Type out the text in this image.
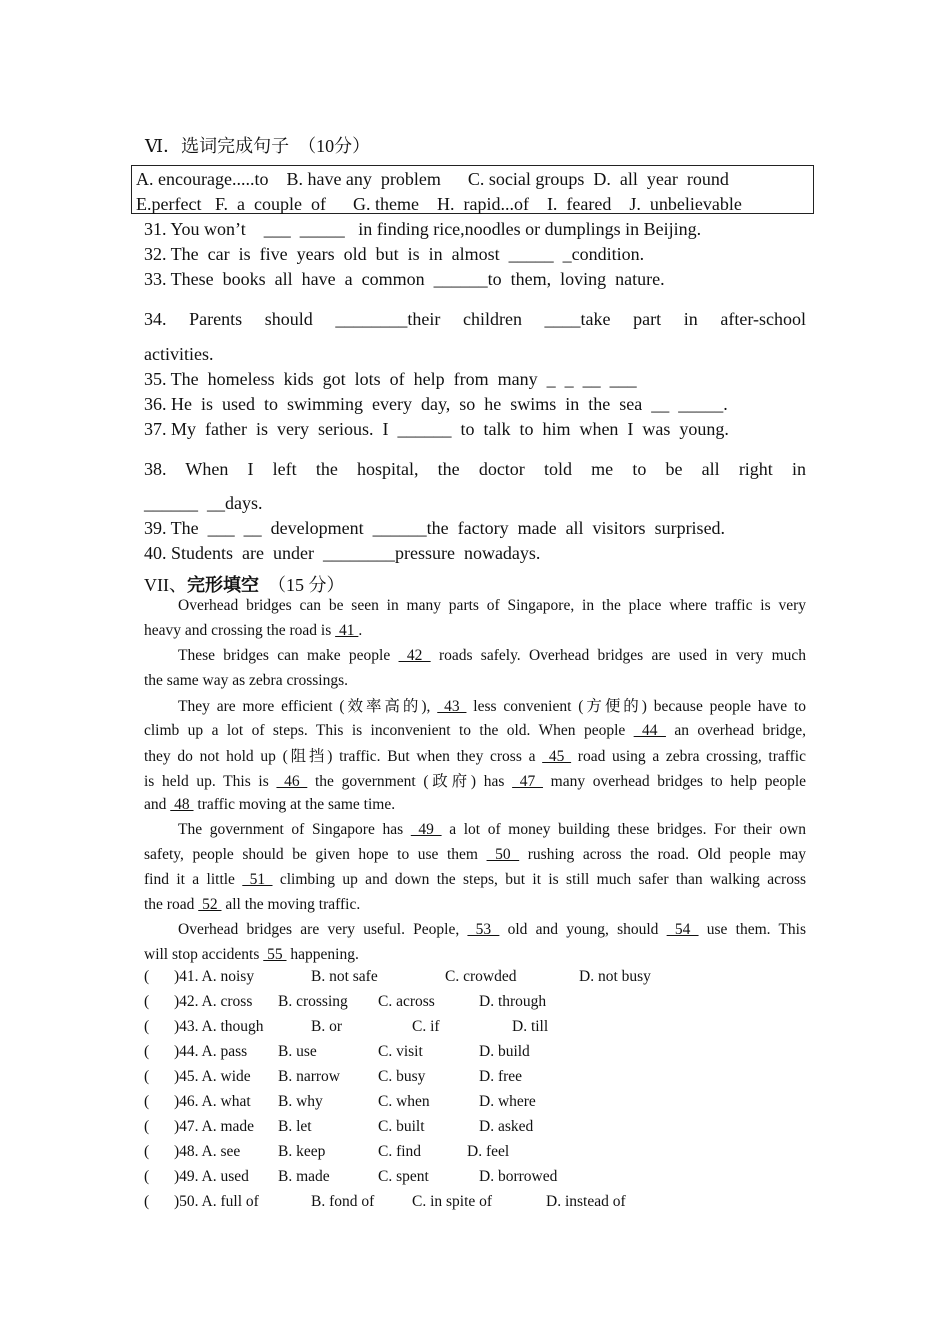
Ⅵ．选词完成句子　（10分）
A. encourage.....to    B. have any  problem      C. social groups  D.  all  year  round
E.perfect   F.  a  couple  of      G. theme    H.  rapid...of    I.  feared    J.  unbelievable
31. You won’t    ___  _____   in finding rice,noodles or dumplings in Beijing.
32. The  car  is  five  years  old  but  is  in  almost  _____  _condition.
33. These  books  all  have  a  common  ______to  them,  loving  nature.
34. Parents should ________their children ____take part in after-school
activities.
35. The  homeless  kids  got  lots  of  help  from  many  _  _  __  ___
36. He  is  used  to  swimming  every  day,  so  he  swims  in  the  sea  __  _____.
37. My  father  is  very  serious.  I  ______  to  talk  to  him  when  I  was  young.
38. When I left the hospital, the doctor told me to be all right in
______  __days.
39. The  ___  __  development  ______the  factory  made  all  visitors  surprised.
40. Students  are  under  ________pressure  nowadays.
VII、完形填空　（15 分）
Overhead bridges can be seen in many parts of Singapore, in the place where traffic is very
heavy and crossing the road is  41 .
These bridges can make people  42  roads safely. Overhead bridges are used in very much
the same way as zebra crossings.
They are more efficient (效率高的),  43  less convenient (方便的) because people have to
climb up a lot of steps. This is inconvenient to the old. When people  44  an overhead bridge,
they do not hold up (阻挡) traffic. But when they cross a  45  road using a zebra crossing, traffic
is held up. This is  46  the government (政府) has  47  many overhead bridges to help people
and  48  traffic moving at the same time.
The government of Singapore has  49  a lot of money building these bridges. For their own
safety, people should be given hope to use them  50  rushing across the road. Old people may
find it a little  51  climbing up and down the steps, but it is still much safer than walking across
the road  52  all the moving traffic.
Overhead bridges are very useful. People,  53  old and young, should  54  use them. This
will stop accidents  55  happening.
( )41. A. noisy	B. not safe	C. crowded	D. not busy
( )42. A. cross B. crossing C. across	D. through
( )43. A. though	B. or	C. if	D. till
( )44. A. pass B. use	C. visit	D. build
( )45. A. wide B. narrow C. busy	D. free
( )46. A. what B. why	C. when	D. where
( )47. A. made B. let	C. built	D. asked
( )48. A. see B. keep	C. find	D. feel
( )49. A. used B. made	C. spent	D. borrowed
( )50. A. full of	B. fond of C. in spite of	D. instead of
